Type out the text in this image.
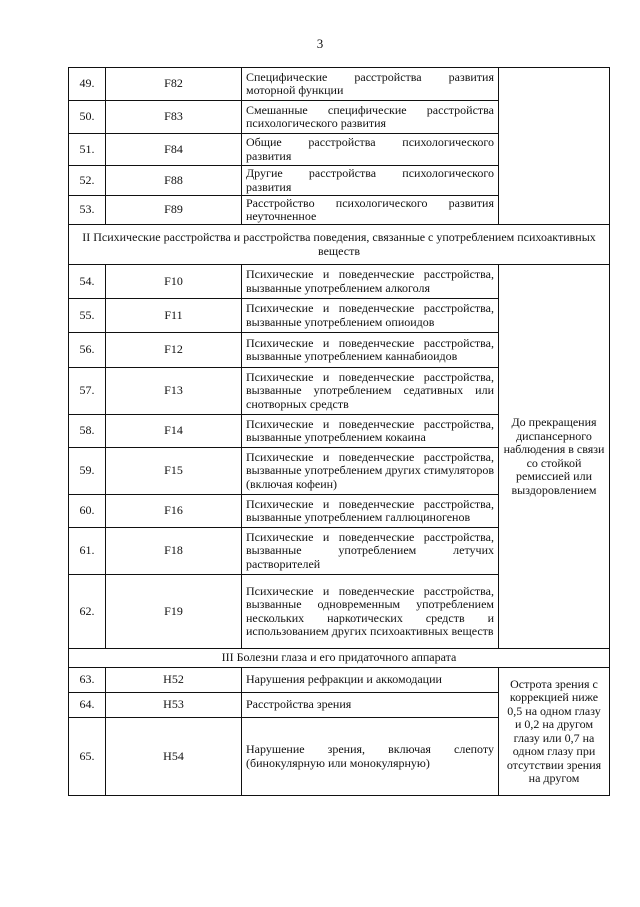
3
49.	F82	Специфические расстройства развития моторной функции	
50.	F83	Смешанные специфические расстройства психологического развития	
51.	F84	Общие расстройства психологического развития	
52.	F88	Другие расстройства психологического развития	
53.	F89	Расстройство психологического развития неуточненное	
II Психические расстройства и расстройства поведения, связанные с употреблением психоактивных веществ			
54.	F10	Психические и поведенческие расстройства, вызванные употреблением алкоголя	До прекращения диспансерного наблюдения в связи со стойкой ремиссией или выздоровлением
55.	F11	Психические и поведенческие расстройства, вызванные употреблением опиоидов	
56.	F12	Психические и поведенческие расстройства, вызванные употреблением каннабиоидов	
57.	F13	Психические и поведенческие расстройства, вызванные употреблением седативных или снотворных средств	
58.	F14	Психические и поведенческие расстройства, вызванные употреблением кокаина	
59.	F15	Психические и поведенческие расстройства, вызванные употреблением других стимуляторов (включая кофеин)	
60.	F16	Психические и поведенческие расстройства, вызванные употреблением галлюциногенов	
61.	F18	Психические и поведенческие расстройства, вызванные употреблением летучих растворителей	
62.	F19	Психические и поведенческие расстройства, вызванные одновременным употреблением нескольких наркотических средств и использованием других психоактивных веществ	
III Болезни глаза и его придаточного аппарата			
63.	H52	Нарушения рефракции и аккомодации	Острота зрения с коррекцией ниже 0,5 на одном глазу и 0,2 на другом глазу или 0,7 на одном глазу при отсутствии зрения на другом

64.	H53	Расстройства зрения	
65.	H54	Нарушение зрения, включая слепоту (бинокулярную или монокулярную)	
